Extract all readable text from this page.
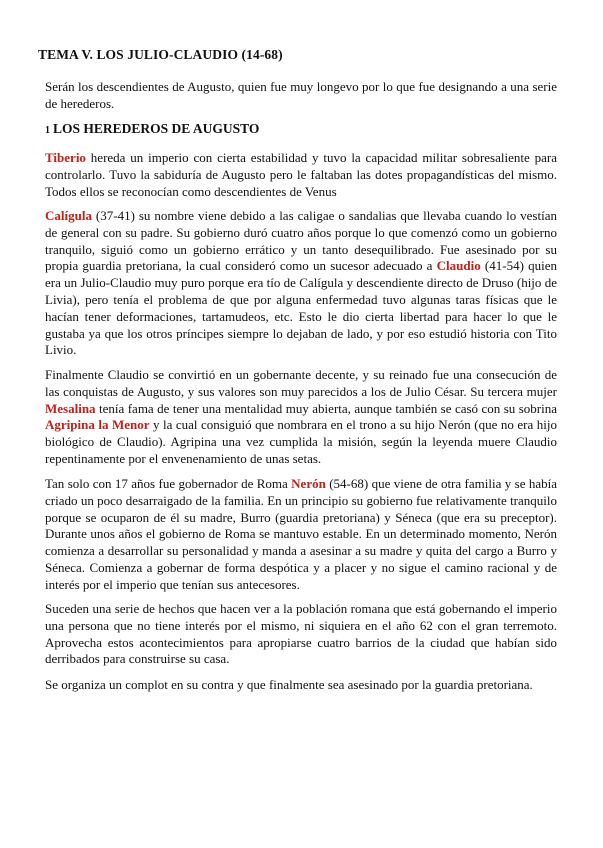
TEMA V. LOS JULIO-CLAUDIO (14-68)

Serán los descendientes de Augusto, quien fue muy longevo por lo que fue designando a una serie de herederos.

1 LOS HEREDEROS DE AUGUSTO

Tiberio hereda un imperio con cierta estabilidad y tuvo la capacidad militar sobresaliente para controlarlo. Tuvo la sabiduría de Augusto pero le faltaban las dotes propagandísticas del mismo. Todos ellos se reconocían como descendientes de Venus

Calígula (37-41) su nombre viene debido a las caligae o sandalias que llevaba cuando lo vestían de general con su padre. Su gobierno duró cuatro años porque lo que comenzó como un gobierno tranquilo, siguió como un gobierno errático y un tanto desequilibrado. Fue asesinado por su propia guardia pretoriana, la cual consideró como un sucesor adecuado a Claudio (41-54) quien era un Julio-Claudio muy puro porque era tío de Calígula y descendiente directo de Druso (hijo de Livia), pero tenía el problema de que por alguna enfermedad tuvo algunas taras físicas que le hacían tener deformaciones, tartamudeos, etc. Esto le dio cierta libertad para hacer lo que le gustaba ya que los otros príncipes siempre lo dejaban de lado, y por eso estudió historia con Tito Livio.

Finalmente Claudio se convirtió en un gobernante decente, y su reinado fue una consecución de las conquistas de Augusto, y sus valores son muy parecidos a los de Julio César. Su tercera mujer Mesalina tenía fama de tener una mentalidad muy abierta, aunque también se casó con su sobrina Agripina la Menor y la cual consiguió que nombrara en el trono a su hijo Nerón (que no era hijo biológico de Claudio). Agripina una vez cumplida la misión, según la leyenda muere Claudio repentinamente por el envenenamiento de unas setas.

Tan solo con 17 años fue gobernador de Roma Nerón (54-68) que viene de otra familia y se había criado un poco desarraigado de la familia. En un principio su gobierno fue relativamente tranquilo porque se ocuparon de él su madre, Burro (guardia pretoriana) y Séneca (que era su preceptor). Durante unos años el gobierno de Roma se mantuvo estable. En un determinado momento, Nerón comienza a desarrollar su personalidad y manda a asesinar a su madre y quita del cargo a Burro y Séneca. Comienza a gobernar de forma despótica y a placer y no sigue el camino racional y de interés por el imperio que tenían sus antecesores.

Suceden una serie de hechos que hacen ver a la población romana que está gobernando el imperio una persona que no tiene interés por el mismo, ni siquiera en el año 62 con el gran terremoto. Aprovecha estos acontecimientos para apropiarse cuatro barrios de la ciudad que habían sido derribados para construirse su casa.

Se organiza un complot en su contra y que finalmente sea asesinado por la guardia pretoriana.
